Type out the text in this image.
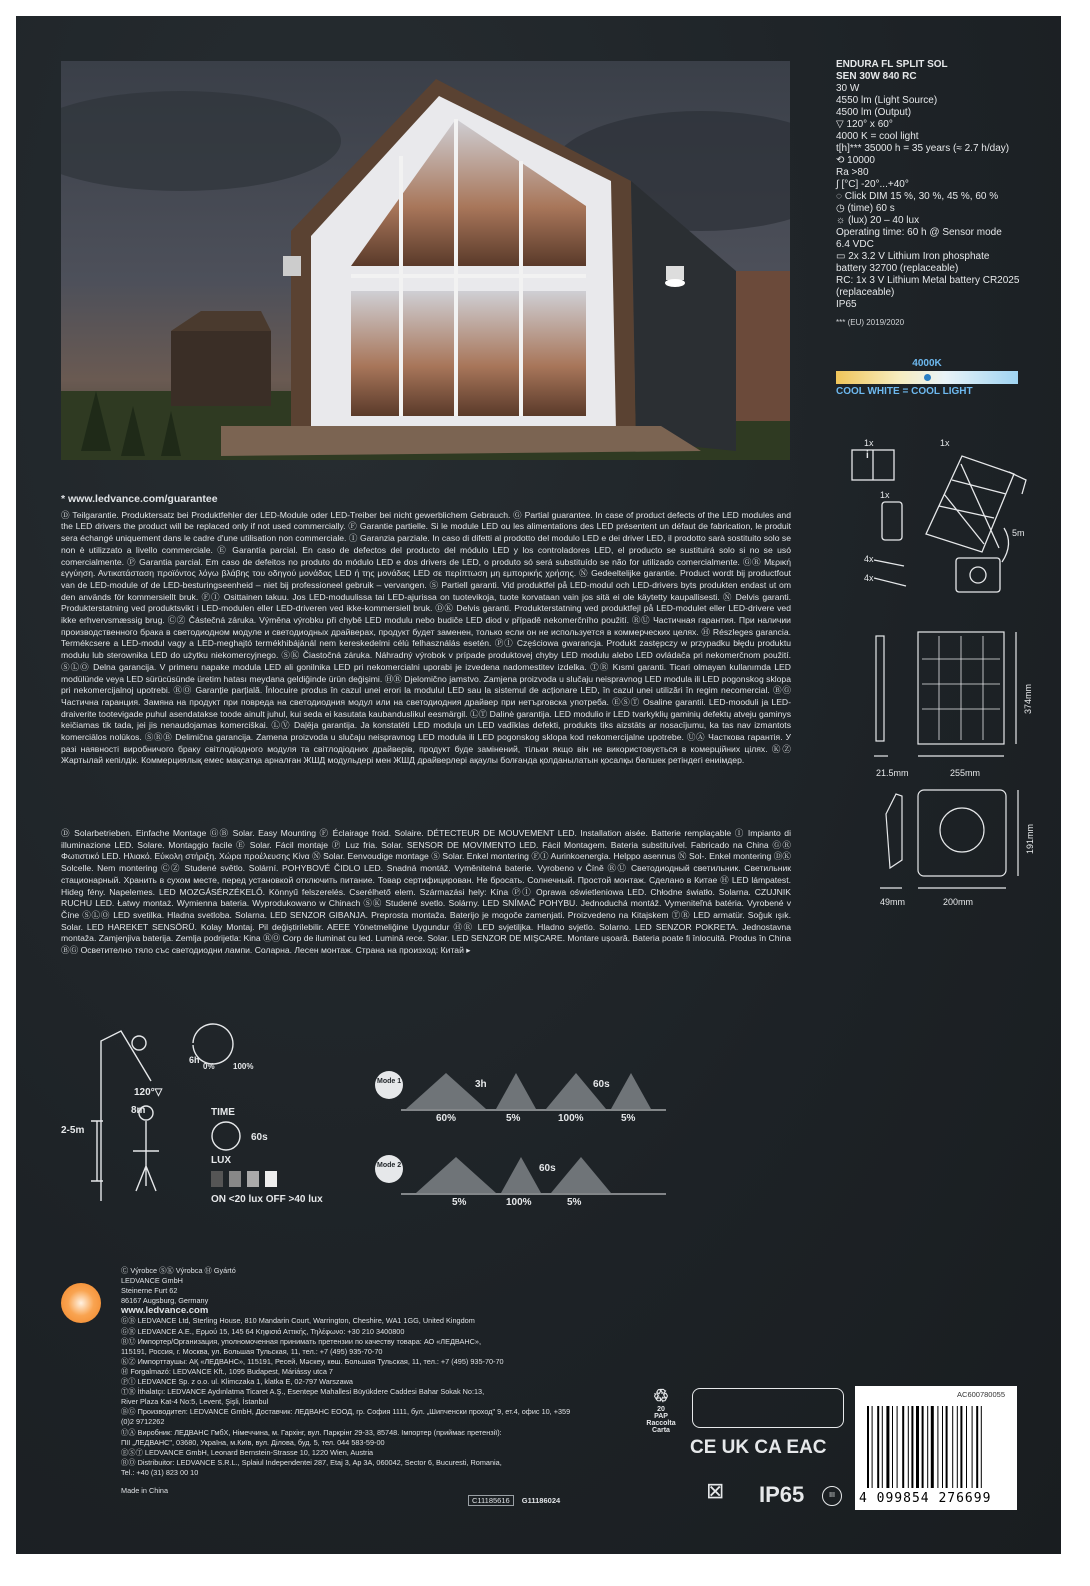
ENDURA FL SPLIT SOL
SEN 30W 840 RC
30 W
4550 lm (Light Source)
4500 lm (Output)
▽ 120° x 60°
4000 K = cool light
t[h]*** 35000 h = 35 years (≈ 2.7 h/day)
⟲ 10000
Ra >80
∫ [°C] -20°...+40°
◌ Click DIM 15 %, 30 %, 45 %, 60 %
◷ (time) 60 s
☼ (lux) 20 – 40 lux
Operating time: 60 h @ Sensor mode
6.4 VDC
▭ 2x 3.2 V Lithium Iron phosphate
battery 32700 (replaceable)
RC: 1x 3 V Lithium Metal battery CR2025
(replaceable)
IP65
*** (EU) 2019/2020
4000K
COOL WHITE = COOL LIGHT
i
1x	1x
1x
4x
4x
5m
21.5mm	255mm
374mm
49mm	200mm
191mm
* www.ledvance.com/guarantee
Ⓓ Teilgarantie. Produktersatz bei Produktfehler der LED-Module oder LED-Treiber bei nicht gewerblichem Gebrauch. Ⓖ Partial guarantee. In case of product defects of the LED modules and the LED drivers the product will be replaced only if not used commercially. Ⓕ Garantie partielle. Si le module LED ou les alimentations des LED présentent un défaut de fabrication, le produit sera échangé uniquement dans le cadre d'une utilisation non commerciale. Ⓘ Garanzia parziale. In caso di difetti al prodotto del modulo LED e dei driver LED, il prodotto sarà sostituito solo se non è utilizzato a livello commerciale. Ⓔ Garantía parcial. En caso de defectos del producto del módulo LED y los controladores LED, el producto se sustituirá solo si no se usó comercialmente. Ⓟ Garantia parcial. Em caso de defeitos no produto do módulo LED e dos drivers de LED, o produto só será substituído se não for utilizado comercialmente. ⒼⓇ Μερική εγγύηση. Αντικατάσταση προϊόντος λόγω βλάβης του οδηγού μονάδας LED ή της μονάδας LED σε περίπτωση μη εμπορικής χρήσης. Ⓝ Gedeeltelijke garantie. Product wordt bij productfout van de LED-module of de LED-besturingseenheid – niet bij professioneel gebruik – vervangen. Ⓢ Partiell garanti. Vid produktfel på LED-modul och LED-drivers byts produkten endast ut om den används för kommersiellt bruk. ⒻⒾ Osittainen takuu. Jos LED-moduulissa tai LED-ajurissa on tuotevikoja, tuote korvataan vain jos sitä ei ole käytetty kaupallisesti. Ⓝ Delvis garanti. Produkterstatning ved produktsvikt i LED-modulen eller LED-driveren ved ikke-kommersiell bruk. ⒹⓀ Delvis garanti. Produkterstatning ved produktfejl på LED-modulet eller LED-drivere ved ikke erhvervsmæssig brug. ⒸⓏ Částečná záruka. Výměna výrobku při chybě LED modulu nebo budiče LED diod v případě nekomerčního použití. ⓇⓊ Частичная гарантия. При наличии производственного брака в светодиодном модуле и светодиодных драйверах, продукт будет заменен, только если он не используется в коммерческих целях. Ⓗ Részleges garancia. Termékcsere a LED-modul vagy a LED-meghajtó termékhibájánál nem kereskedelmi célú felhasználás esetén. Ⓟⓛ Częściowa gwarancja. Produkt zastępczy w przypadku błędu produktu modułu lub sterownika LED do użytku niekomercyjnego. ⓈⓀ Čiastočná záruka. Náhradný výrobok v prípade produktovej chyby LED modulu alebo LED ovládača pri nekomerčnom použití. ⓈⓁⓄ Delna garancija. V primeru napake modula LED ali gonilnika LED pri nekomercialni uporabi je izvedena nadomestitev izdelka. ⓉⓇ Kısmi garanti. Ticari olmayan kullanımda LED modülünde veya LED sürücüsünde üretim hatası meydana geldiğinde ürün değişimi. ⒽⓇ Djelomično jamstvo. Zamjena proizvoda u slučaju neispravnog LED modula ili LED pogonskog sklopa pri nekomercijalnoj upotrebi. ⓇⓄ Garanție parțială. Înlocuire produs în cazul unei erori la modulul LED sau la sistemul de acționare LED, în cazul unei utilizări în regim necomercial. ⒷⒼ Частична гаранция. Замяна на продукт при повреда на светодиодния модул или на светодиодния драйвер при нетърговска употреба. ⒺⓈⓉ Osaline garantii. LED-mooduli ja LED-draiverite tootevigade puhul asendatakse toode ainult juhul, kui seda ei kasutata kaubanduslikul eesmärgil. ⓁⓉ Dalinė garantija. LED modulio ir LED tvarkyklių gaminių defektų atveju gaminys keičiamas tik tada, jei jis nenaudojamas komerciškai. ⓁⓋ Daļēja garantija. Ja konstatēti LED moduļa un LED vadīklas defekti, produkts tiks aizstāts ar nosacījumu, ka tas nav izmantots komerciālos nolūkos. ⓈⓇⒷ Delimična garancija. Zamena proizvoda u slučaju neispravnog LED modula ili LED pogonskog sklopa kod nekomercijalne upotrebe. ⓊⒶ Часткова гарантія. У разі наявності виробничого браку світлодіодного модуля та світлодіодних драйверів, продукт буде замінений, тільки якщо він не використовується в комерційних цілях. ⓀⓏ Жартылай кепілдік. Коммерциялық емес мақсатқа арналған ЖШД модульдері мен ЖШД драйверлері ақаулы болғанда қолданылатын қосалқы бөлшек ретіндегі ениімдер.
Ⓓ Solarbetrieben. Einfache Montage ⒼⒷ Solar. Easy Mounting Ⓕ Éclairage froid. Solaire. DÉTECTEUR DE MOUVEMENT LED. Installation aisée. Batterie remplaçable Ⓘ Impianto di illuminazione LED. Solare. Montaggio facile Ⓔ Solar. Fácil montaje Ⓟ Luz fria. Solar. SENSOR DE MOVIMENTO LED. Fácil Montagem. Bateria substituível. Fabricado na China ⒼⓇ Φωτιστικό LED. Ηλιακό. Εύκολη στήριξη. Χώρα προέλευσης Κίνα Ⓝ Solar. Eenvoudige montage Ⓢ Solar. Enkel montering ⒻⒾ Aurinkoenergia. Helppo asennus Ⓝ Sol-. Enkel montering ⒹⓀ Solcelle. Nem montering ⒸⓏ Studené světlo. Solární. POHYBOVÉ ČIDLO LED. Snadná montáž. Vyměnitelná baterie. Vyrobeno v Číně ⓇⓊ Светодиодный светильник. Светильник стационарный. Хранить в сухом месте, перед установкой отключить питание. Товар сертифицирован. Не бросать. Солнечный. Простой монтаж. Сделано в Китае Ⓗ LED lámpatest. Hideg fény. Napelemes. LED MOZGÁSÉRZÉKELŐ. Könnyű felszerelés. Cserélhető elem. Származási hely: Kína Ⓟⓛ Oprawa oświetleniowa LED. Chłodne światło. Solarna. CZUJNIK RUCHU LED. Łatwy montaż. Wymienna bateria. Wyprodukowano w Chinach ⓈⓀ Studené svetlo. Solárny. LED SNÍMAČ POHYBU. Jednoduchá montáž. Vymeniteľná batéria. Vyrobené v Číne ⓈⓁⓄ LED svetilka. Hladna svetloba. Solarna. LED SENZOR GIBANJA. Preprosta montaža. Baterijo je mogoče zamenjati. Proizvedeno na Kitajskem ⓉⓇ LED armatür. Soğuk ışık. Solar. LED HAREKET SENSÖRÜ. Kolay Montaj. Pil değiştirilebilir. AEEE Yönetmeliğine Uygundur ⒽⓇ LED svjetiljka. Hladno svjetlo. Solarno. LED SENZOR POKRETA. Jednostavna montaža. Zamjenjiva baterija. Zemlja podrijetla: Kina ⓇⓄ Corp de iluminat cu led. Lumină rece. Solar. LED SENZOR DE MIȘCARE. Montare ușoară. Bateria poate fi înlocuită. Produs în China ⒷⒼ Осветително тяло със светодиодни лампи. Соларна. Лесен монтаж. Страна на произход: Китай ▸
0% 100%
6h
120°▽
8m
2-5m
TIME
60s
LUX
ON <20 lux OFF >40 lux
Mode 1
Mode 2
3h	60s
60%	5%	100%	5%
60s
5%	100%	5%
Ⓒ Výrobce ⓈⓀ Výrobca Ⓗ Gyártó
LEDVANCE GmbH
Steinerne Furt 62
86167 Augsburg, Germany
www.ledvance.com
ⒼⒷ LEDVANCE Ltd, Sterling House, 810 Mandarin Court, Warrington, Cheshire, WA1 1GG, United Kingdom
ⒼⓇ LEDVANCE A.E., Ερμού 15, 145 64 Κηφισιά Αττικής, Τηλέφωνο: +30 210 3400800
ⓇⓊ Импортер/Организация, уполномоченная принимать претензии по качеству товара: АО «ЛЕДВАНС»,
115191, Россия, г. Москва, ул. Большая Тульская, 11, тел.: +7 (495) 935-70-70
ⓀⓏ Импорттаушы: АҚ «ЛЕДВАНС», 115191, Ресей, Мәскеу, көш. Большая Тульская, 11, тел.: +7 (495) 935-70-70
Ⓗ Forgalmazó: LEDVANCE Kft., 1095 Budapest, Máriássy utca 7
Ⓟⓛ LEDVANCE Sp. z o.o. ul. Klimczaka 1, klatka E, 02-797 Warszawa
ⓉⓇ İthalatçı: LEDVANCE Aydınlatma Ticaret A.Ş., Esentepe Mahallesi Büyükdere Caddesi Bahar Sokak No:13,
River Plaza Kat-4 No:5, Levent, Şişli, İstanbul
ⒷⒼ Производител: LEDVANCE GmbH, Доставчик: ЛЕДВАНС ЕООД, гр. София 1111, бул. „Шипченски проход" 9, ет.4, офис 10, +359 (0)2 9712262
ⓊⒶ Виробник: ЛЕДВАНС ГмбХ, Німеччина, м. Гархінг, вул. Паркрінг 29-33, 85748. Імпортер (приймає претензії):
ПІІ „ЛЕДВАНС", 03680, Україна, м.Київ, вул. Ділова, буд. 5, тел. 044 583-59-00
ⒺⓈⓉ LEDVANCE GmbH, Leonard Bernstein-Strasse 10, 1220 Wien, Austria
ⓇⓄ Distribuitor: LEDVANCE S.R.L., Splaiul Independentei 287, Etaj 3, Ap 3A, 060042, Sector 6, Bucuresti, Romania,
Tel.: +40 (31) 823 00 10
Made in China
C11185616 G11186024
♲
20
PAP
Raccolta Carta
CE UK CA EAC
IP65	III
⊠
AC600780055
4 099854 276699
